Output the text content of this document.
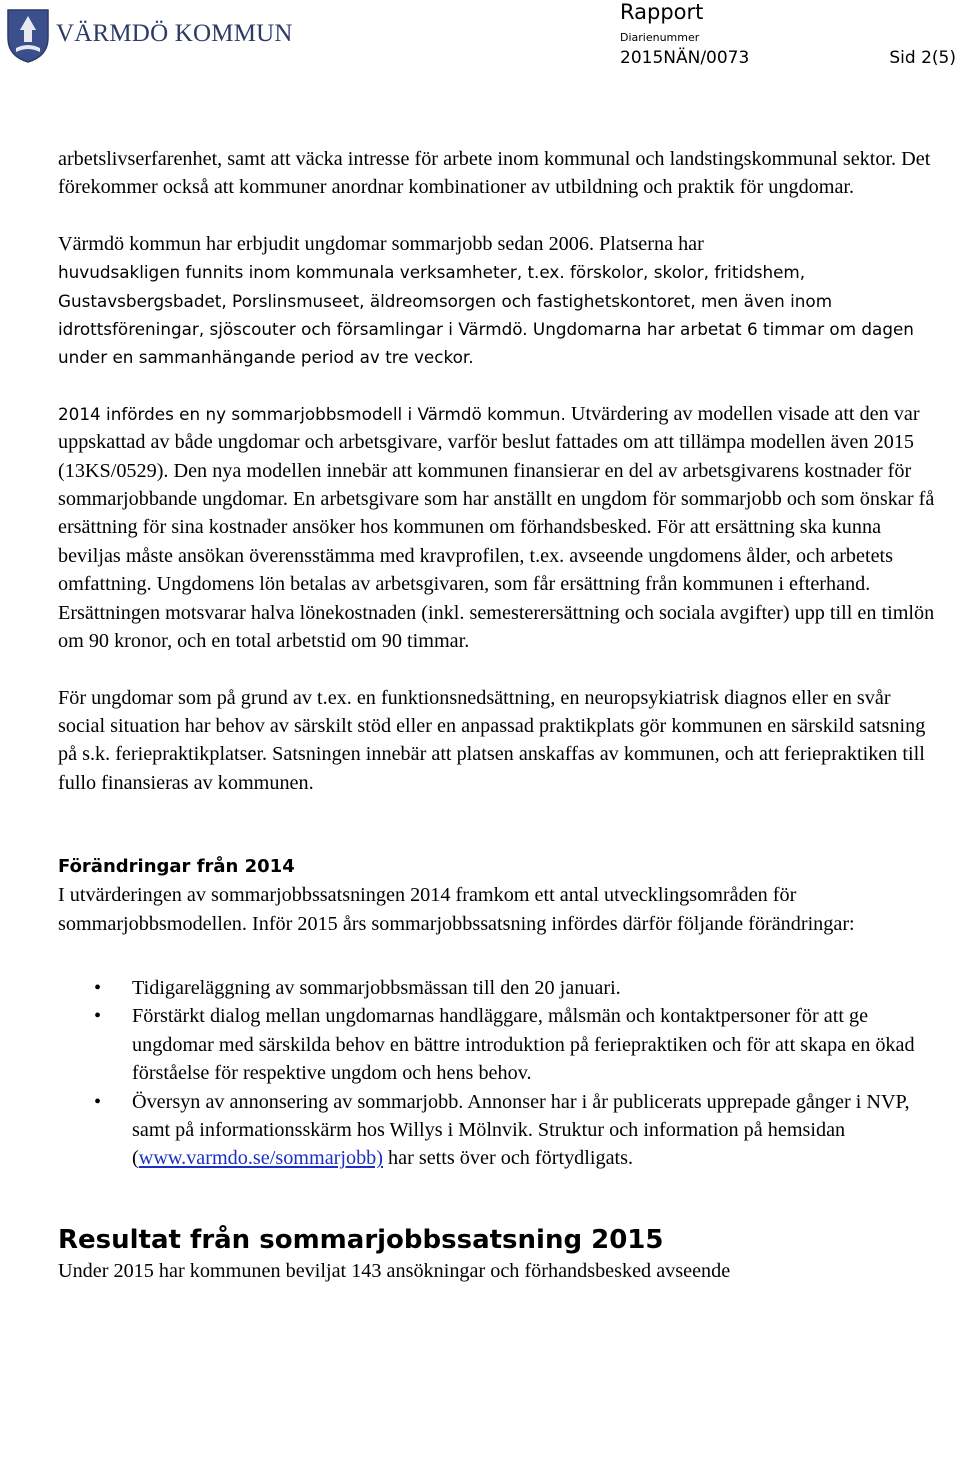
VÄRMDÖ KOMMUN
Rapport
Diarienummer
2015NÄN/0073	Sid 2(5)

arbetslivserfarenhet, samt att väcka intresse för arbete inom kommunal och landstingskommunal sektor. Det förekommer också att kommuner anordnar kombinationer av utbildning och praktik för ungdomar.

Värmdö kommun har erbjudit ungdomar sommarjobb sedan 2006. Platserna har
huvudsakligen funnits inom kommunala verksamheter, t.ex. förskolor, skolor, fritidshem, Gustavsbergsbadet, Porslinsmuseet, äldreomsorgen och fastighetskontoret, men även inom idrottsföreningar, sjöscouter och församlingar i Värmdö. Ungdomarna har arbetat 6 timmar om dagen under en sammanhängande period av tre veckor.

2014 infördes en ny sommarjobbsmodell i Värmdö kommun. Utvärdering av modellen visade att den var uppskattad av både ungdomar och arbetsgivare, varför beslut fattades om att tillämpa modellen även 2015 (13KS/0529). Den nya modellen innebär att kommunen finansierar en del av arbetsgivarens kostnader för sommarjobbande ungdomar. En arbetsgivare som har anställt en ungdom för sommarjobb och som önskar få ersättning för sina kostnader ansöker hos kommunen om förhandsbesked. För att ersättning ska kunna beviljas måste ansökan överensstämma med kravprofilen, t.ex. avseende ungdomens ålder, och arbetets omfattning. Ungdomens lön betalas av arbetsgivaren, som får ersättning från kommunen i efterhand. Ersättningen motsvarar halva lönekostnaden (inkl. semesterersättning och sociala avgifter) upp till en timlön om 90 kronor, och en total arbetstid om 90 timmar.

För ungdomar som på grund av t.ex. en funktionsnedsättning, en neuropsykiatrisk diagnos eller en svår social situation har behov av särskilt stöd eller en anpassad praktikplats gör kommunen en särskild satsning på s.k. feriepraktikplatser. Satsningen innebär att platsen anskaffas av kommunen, och att feriepraktiken till fullo finansieras av kommunen.

Förändringar från 2014

I utvärderingen av sommarjobbssatsningen 2014 framkom ett antal utvecklingsområden för sommarjobbsmodellen. Inför 2015 års sommarjobbssatsning infördes därför följande förändringar:

• Tidigareläggning av sommarjobbsmässan till den 20 januari.
• Förstärkt dialog mellan ungdomarnas handläggare, målsmän och kontaktpersoner för att ge ungdomar med särskilda behov en bättre introduktion på feriepraktiken och för att skapa en ökad förståelse för respektive ungdom och hens behov.
• Översyn av annonsering av sommarjobb. Annonser har i år publicerats upprepade gånger i NVP, samt på informationsskärm hos Willys i Mölnvik. Struktur och information på hemsidan (www.varmdo.se/sommarjobb) har setts över och förtydligats.
Resultat från sommarjobbssatsning 2015

Under 2015 har kommunen beviljat 143 ansökningar och förhandsbesked avseende
